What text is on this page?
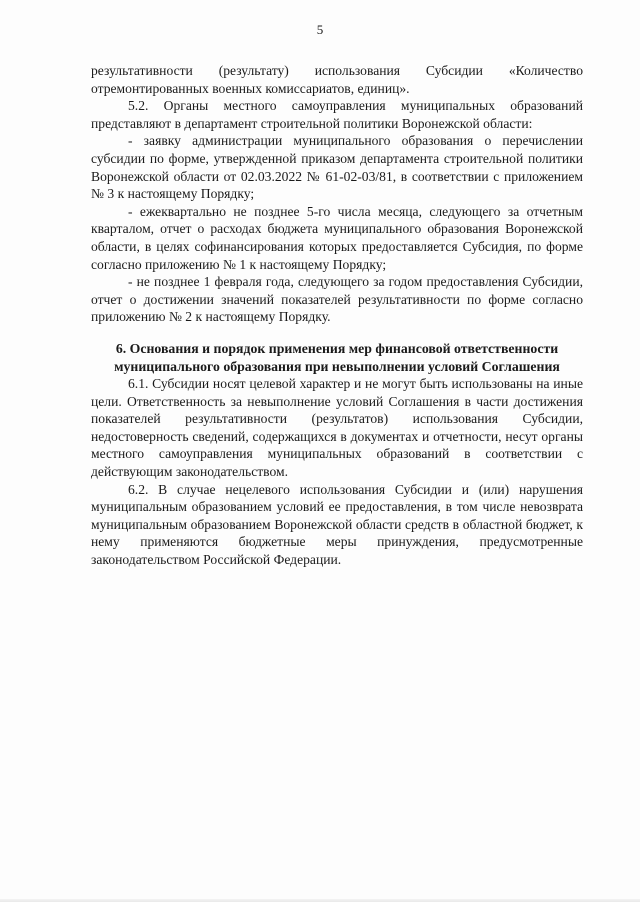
5

результативности (результату) использования Субсидии «Количество отремонтированных военных комиссариатов, единиц».

5.2. Органы местного самоуправления муниципальных образований представляют в департамент строительной политики Воронежской области:

- заявку администрации муниципального образования о перечислении субсидии по форме, утвержденной приказом департамента строительной политики Воронежской области от 02.03.2022 № 61-02-03/81, в соответствии с приложением № 3 к настоящему Порядку;

- ежеквартально не позднее 5-го числа месяца, следующего за отчетным кварталом, отчет о расходах бюджета муниципального образования Воронежской области, в целях софинансирования которых предоставляется Субсидия, по форме согласно приложению № 1 к настоящему Порядку;

- не позднее 1 февраля года, следующего за годом предоставления Субсидии, отчет о достижении значений показателей результативности по форме согласно приложению № 2 к настоящему Порядку.

6. Основания и порядок применения мер финансовой ответственности муниципального образования при невыполнении условий Соглашения

6.1. Субсидии носят целевой характер и не могут быть использованы на иные цели. Ответственность за невыполнение условий Соглашения в части достижения показателей результативности (результатов) использования Субсидии, недостоверность сведений, содержащихся в документах и отчетности, несут органы местного самоуправления муниципальных образований в соответствии с действующим законодательством.

6.2. В случае нецелевого использования Субсидии и (или) нарушения муниципальным образованием условий ее предоставления, в том числе невозврата муниципальным образованием Воронежской области средств в областной бюджет, к нему применяются бюджетные меры принуждения, предусмотренные законодательством Российской Федерации.
